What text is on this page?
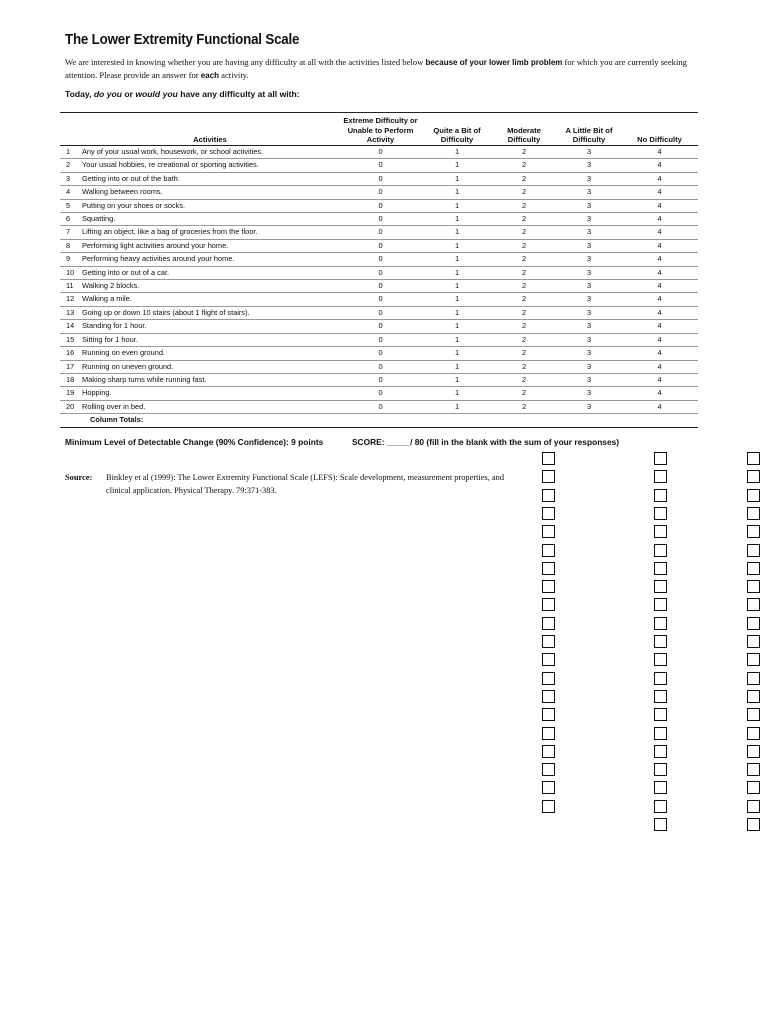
The Lower Extremity Functional Scale
We are interested in knowing whether you are having any difficulty at all with the activities listed below because of your lower limb problem for which you are currently seeking attention. Please provide an answer for each activity.
Today, do you or would you have any difficulty at all with:
	Activities	Extreme Difficulty or Unable to Perform Activity	Quite a Bit of Difficulty	Moderate Difficulty	A Little Bit of Difficulty	No Difficulty
1	Any of your usual work, housework, or school activities.	0	1	2	3	4
2	Your usual hobbies, re creational or sporting activities.	0	1	2	3	4
3	Getting into or out of the bath.	0	1	2	3	4
4	Walking between rooms.	0	1	2	3	4
5	Putting on your shoes or socks.	0	1	2	3	4
6	Squatting.	0	1	2	3	4
7	Lifting an object, like a bag of groceries from the floor.	0	1	2	3	4
8	Performing light activities around your home.	0	1	2	3	4
9	Performing heavy activities around your home.	0	1	2	3	4
10	Getting into or out of a car.	0	1	2	3	4
11	Walking 2 blocks.	0	1	2	3	4
12	Walking a mile.	0	1	2	3	4
13	Going up or down 10 stairs (about 1 flight of stairs).	0	1	2	3	4
14	Standing for 1 hour.	0	1	2	3	4
15	Sitting for 1 hour.	0	1	2	3	4
16	Running on even ground.	0	1	2	3	4
17	Running on uneven ground.	0	1	2	3	4
18	Making sharp turns while running fast.	0	1	2	3	4
19	Hopping.	0	1	2	3	4
20	Rolling over in bed.	0	1	2	3	4
	Column Totals:					
Minimum Level of Detectable Change (90% Confidence): 9 points	SCORE: _____/ 80 (fill in the blank with the sum of your responses)
Source: Binkley et al (1999): The Lower Extremity Functional Scale (LEFS): Scale development, measurement properties, and
clinical application. Physical Therapy. 79:371-383.
